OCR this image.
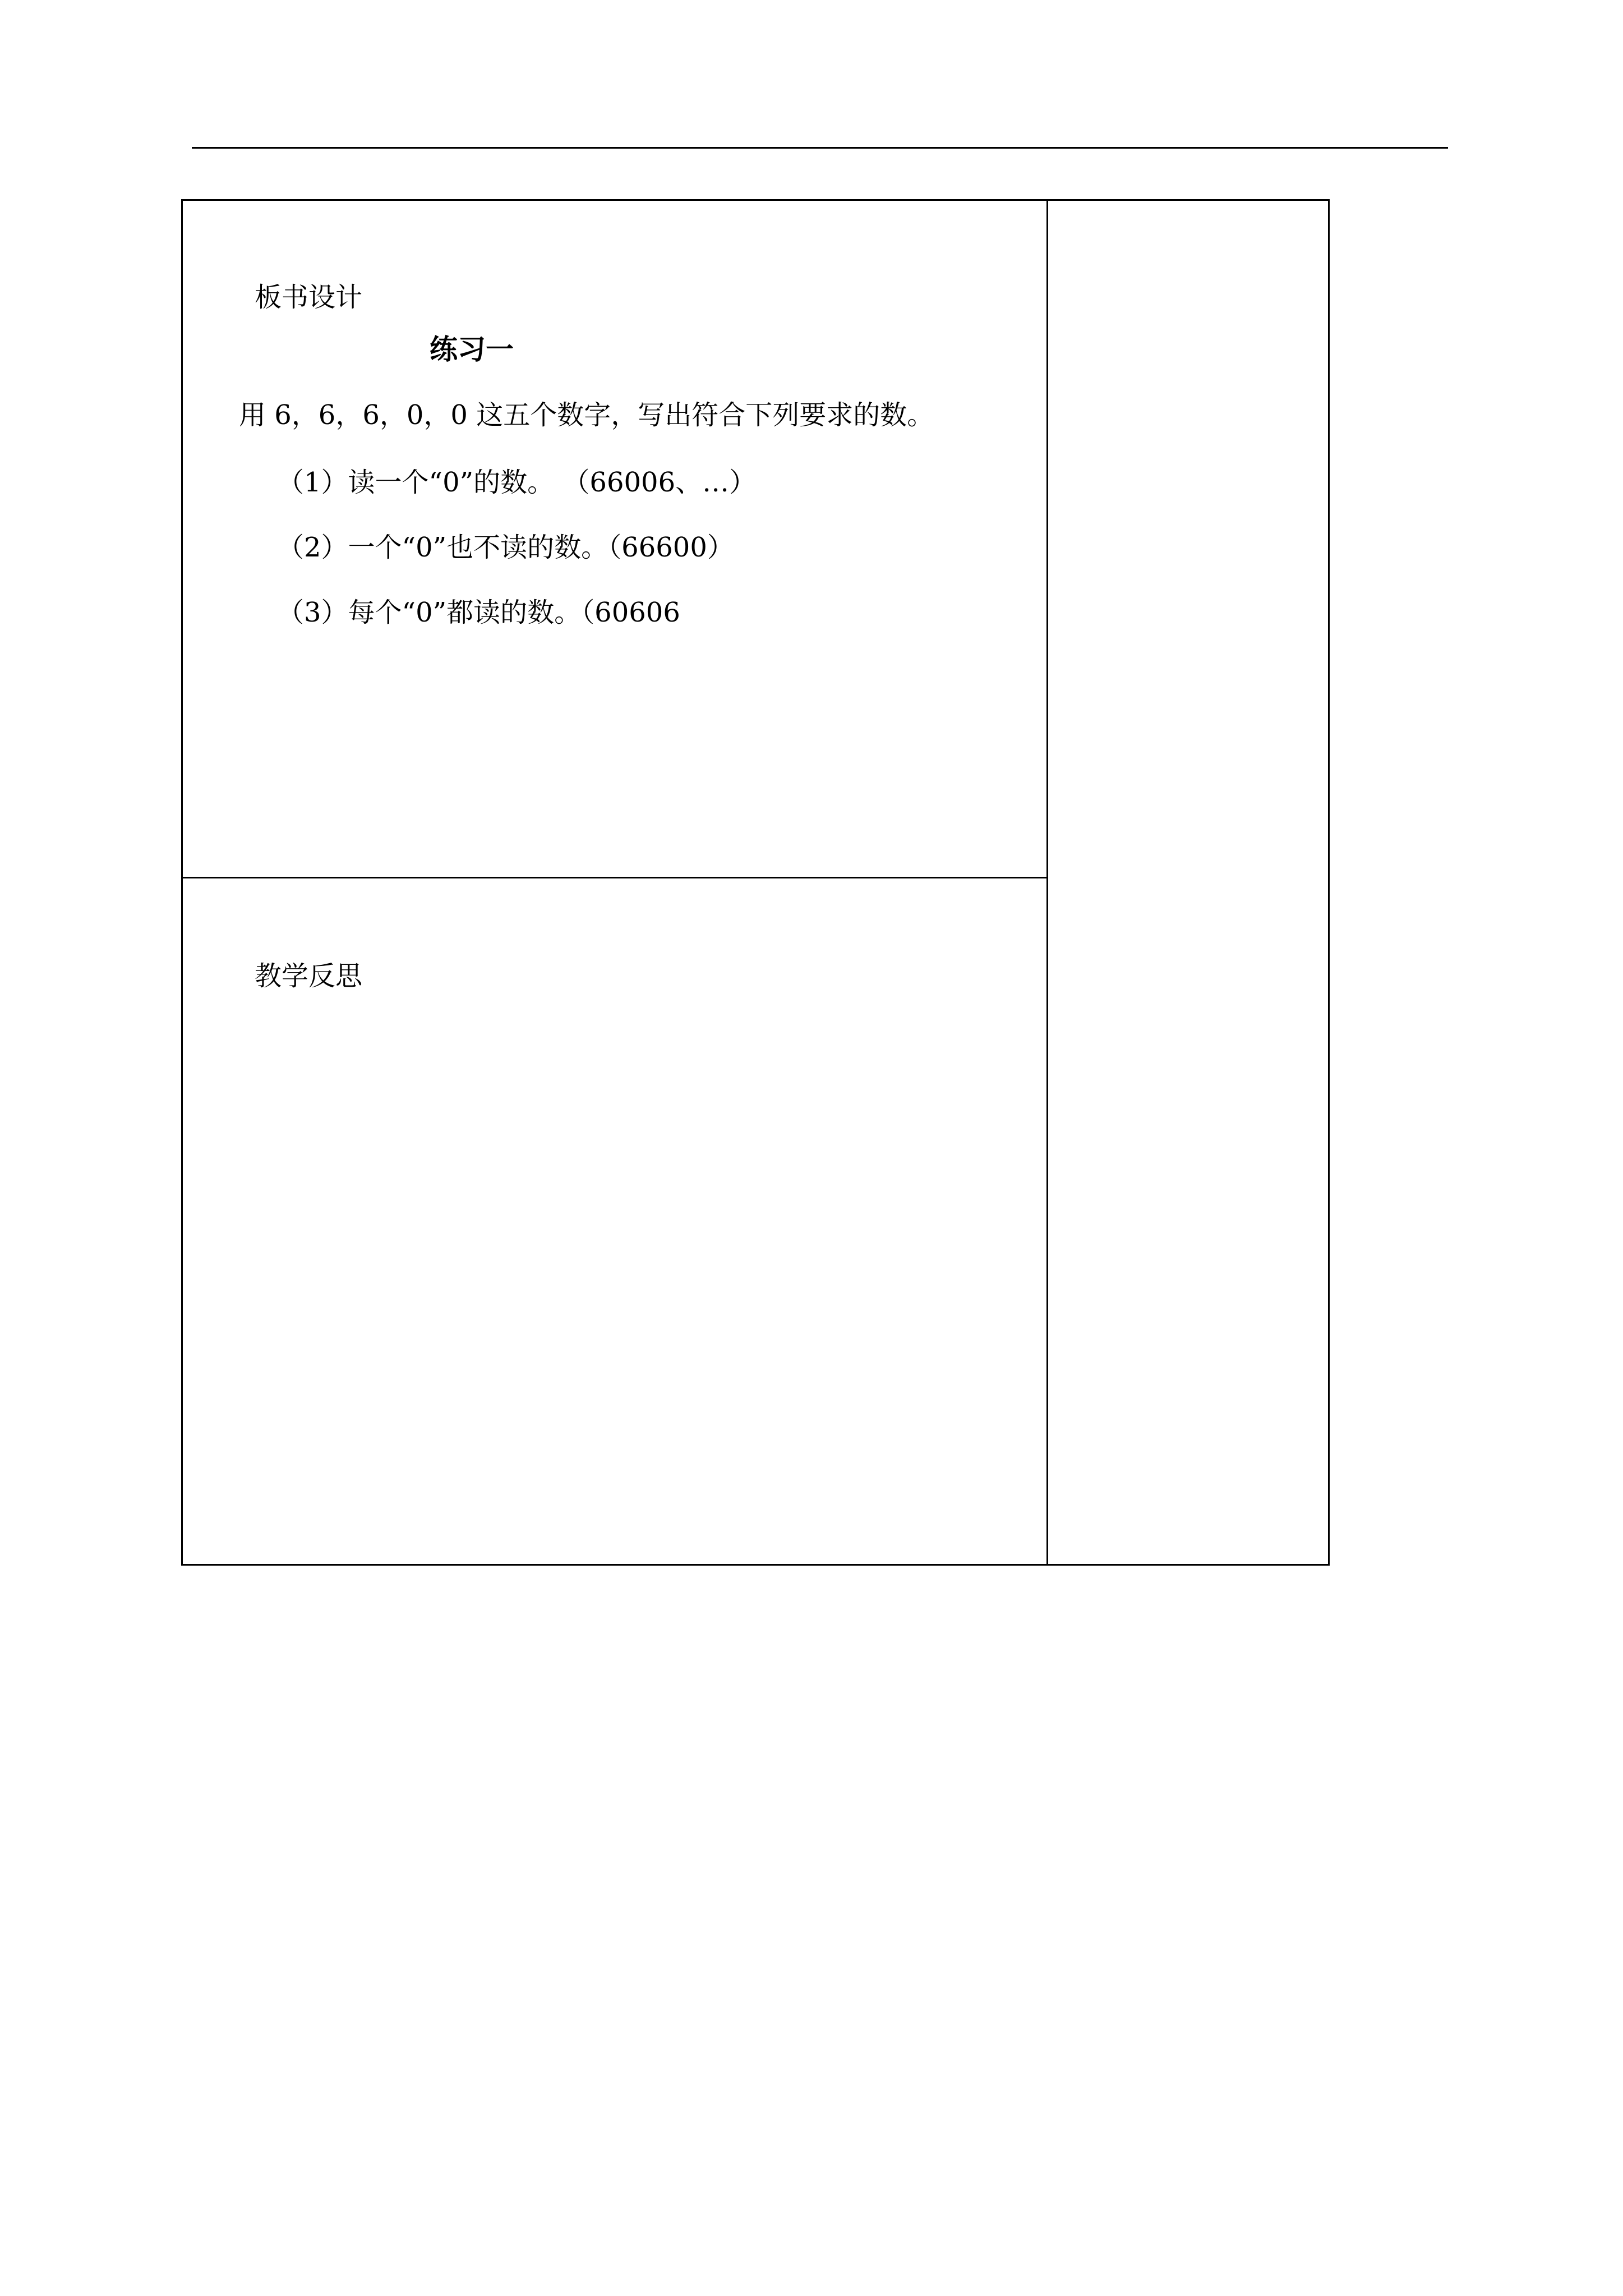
板书设计
练习一
用 6，6，6，0，0 这五个数字，写出符合下列要求的数。
（1）读一个“0”的数。 （66006、…）
（2）一个“0”也不读的数。（66600）
（3）每个“0”都读的数。（60606
教学反思
